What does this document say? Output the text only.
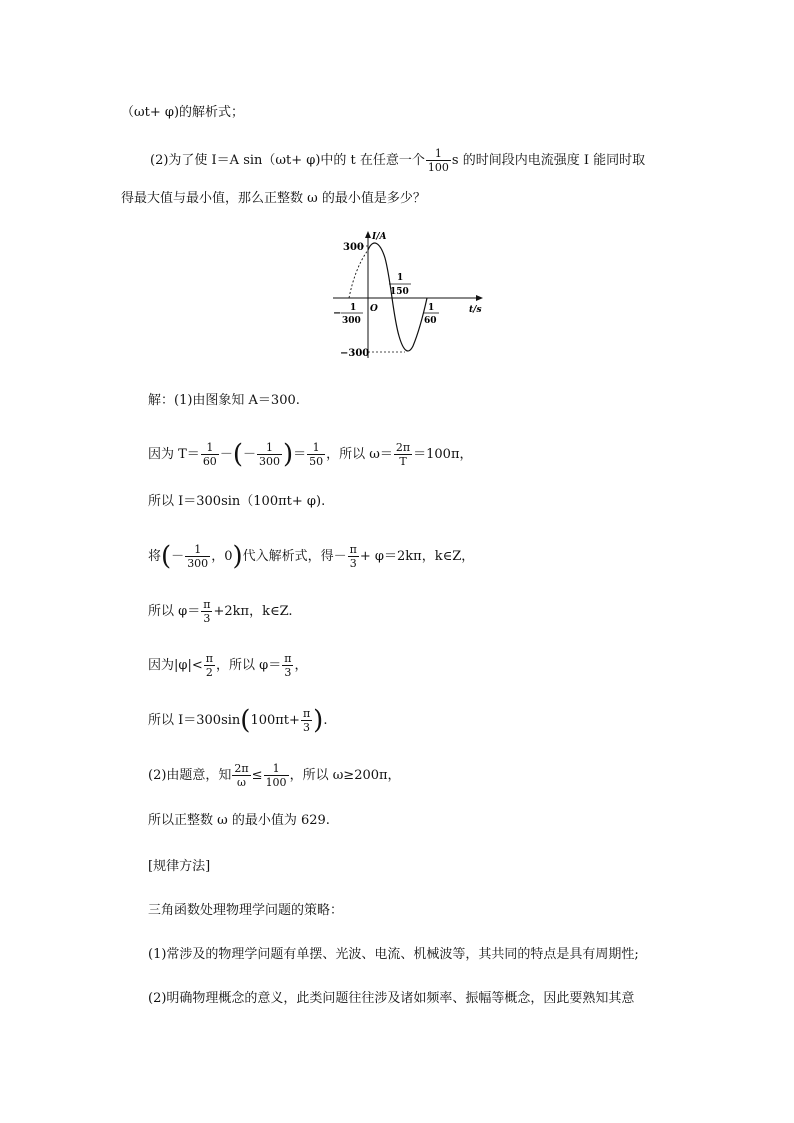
（ωt+ φ)的解析式；
(2)为了使 I＝A sin（ωt+ φ)中的 t 在任意一个 $\frac{1}{100}$ s 的时间段内电流强度 I 能同时取
得最大值与最小值，那么正整数 ω 的最小值是多少？
I/A
t/s
300
−300
O
− 1
300
1
150
1
60
解：(1)由图象知 A＝300.
因为 $T= \frac{1}{60}$ －(－ $\frac{1}{300}$ )＝ $\frac{1}{50}$ ，所以 $\omega= \frac{2\pi}{T} =100\pi$，
所以 I＝300sin（100πt+ φ).
将(－ $\frac{1}{300}$ ，0)代入解析式，得－ $\frac{\pi}{3} + \varphi=2k\pi$，k∈Z，
所以 $\varphi= \frac{\pi}{3} +2k\pi$，k∈Z.
因为$|\varphi|< \frac{\pi}{2}$ ，所以 $\varphi= \frac{\pi}{3}$ ，
所以 $I=300\sin(100\pi t+ \frac{\pi}{3}$ ).
(2)由题意，知 $\frac{2\pi}{\omega} \le \frac{1}{100}$ ，所以 ω≥200π，
所以正整数 ω 的最小值为 629.
[规律方法]
三角函数处理物理学问题的策略：
(1)常涉及的物理学问题有单摆、光波、电流、机械波等，其共同的特点是具有周期性;
(2)明确物理概念的意义，此类问题往往涉及诸如频率、振幅等概念，因此要熟知其意
